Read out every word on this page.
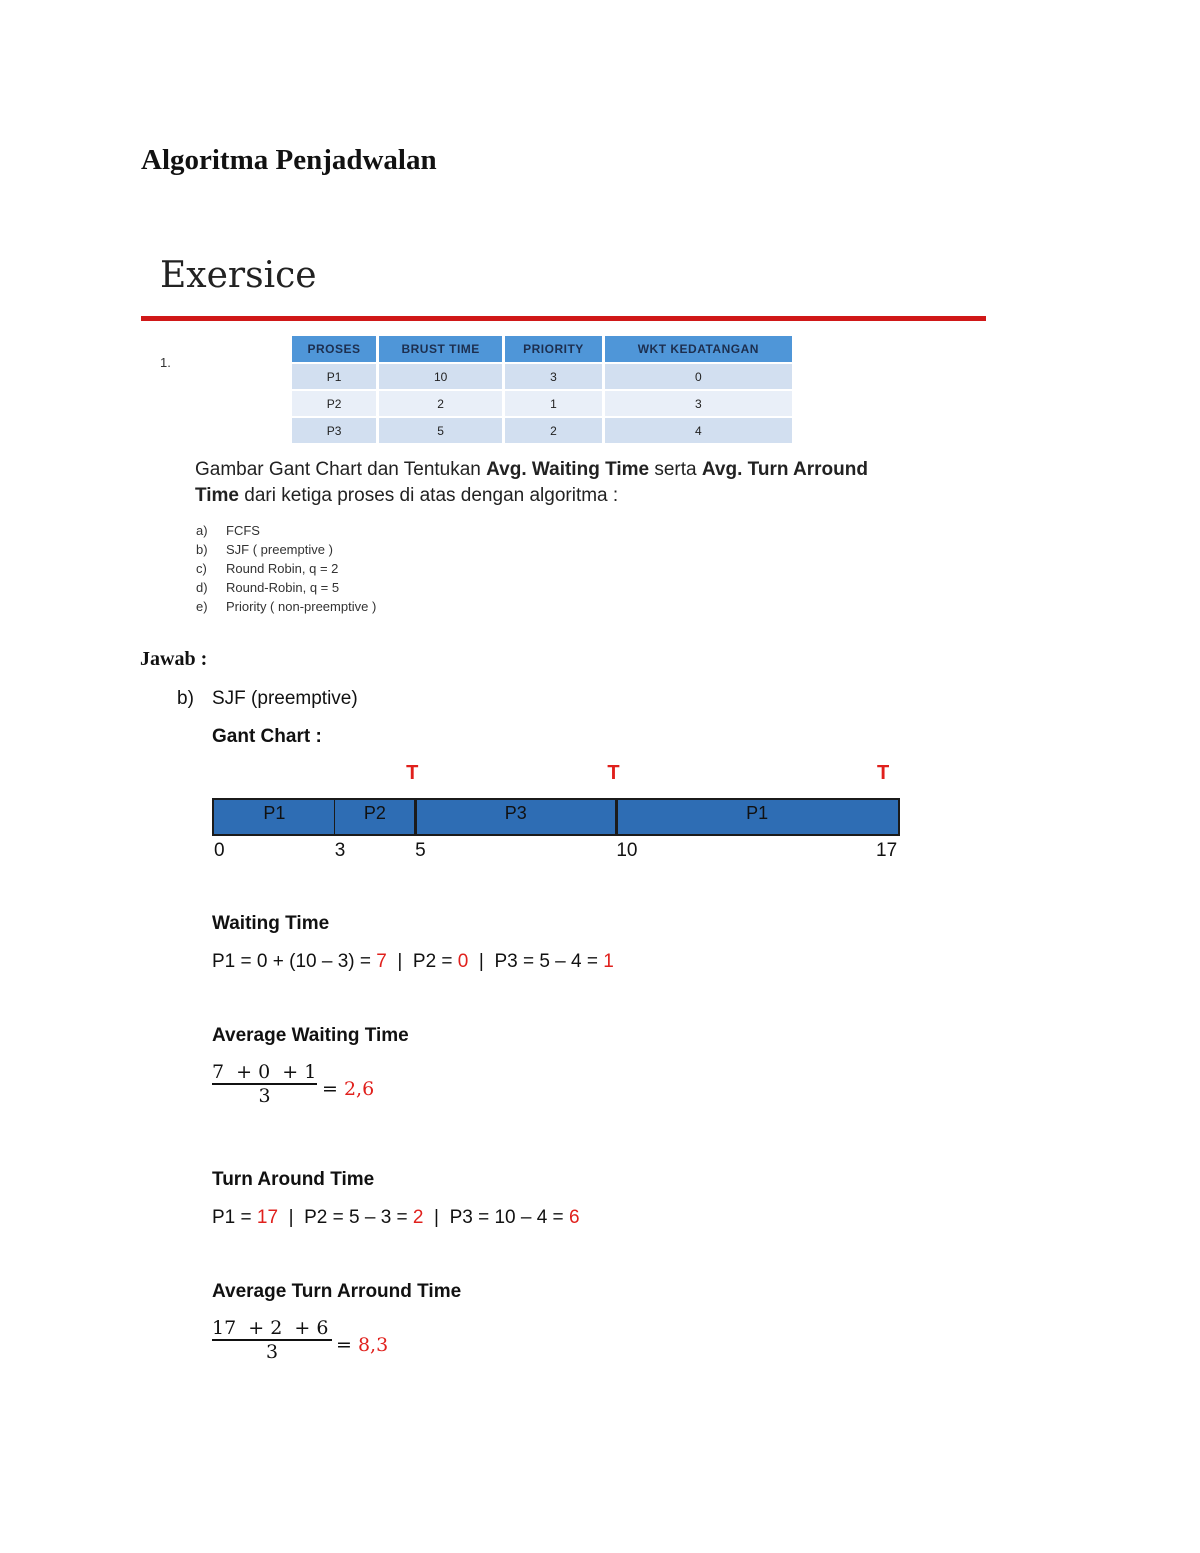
Algoritma Penjadwalan
Exersice
1.
PROSES	BRUST TIME	PRIORITY	WKT KEDATANGAN
P1	10	3	0
P2	2	1	3
P3	5	2	4
Gambar Gant Chart dan Tentukan Avg. Waiting Time serta Avg. Turn Arround
Time dari ketiga proses di atas dengan algoritma :
a)	FCFS
b)	SJF ( preemptive )
c)	Round Robin, q = 2
d)	Round-Robin, q = 5
e)	Priority ( non-preemptive )
Jawab :
b) SJF (preemptive)
Gant Chart :
T	T	T
P1	P2	P3	P1
0	3	5	10	17
Waiting Time
P1 = 0 + (10 – 3) = 7  |  P2 = 0  |  P3 = 5 – 4 = 1
Average Waiting Time
7  + 0  + 1
3	= 2,6
Turn Around Time
P1 = 17  |  P2 = 5 – 3 = 2  |  P3 = 10 – 4 = 6
Average Turn Arround Time
17  + 2  + 6
3	= 8,3
